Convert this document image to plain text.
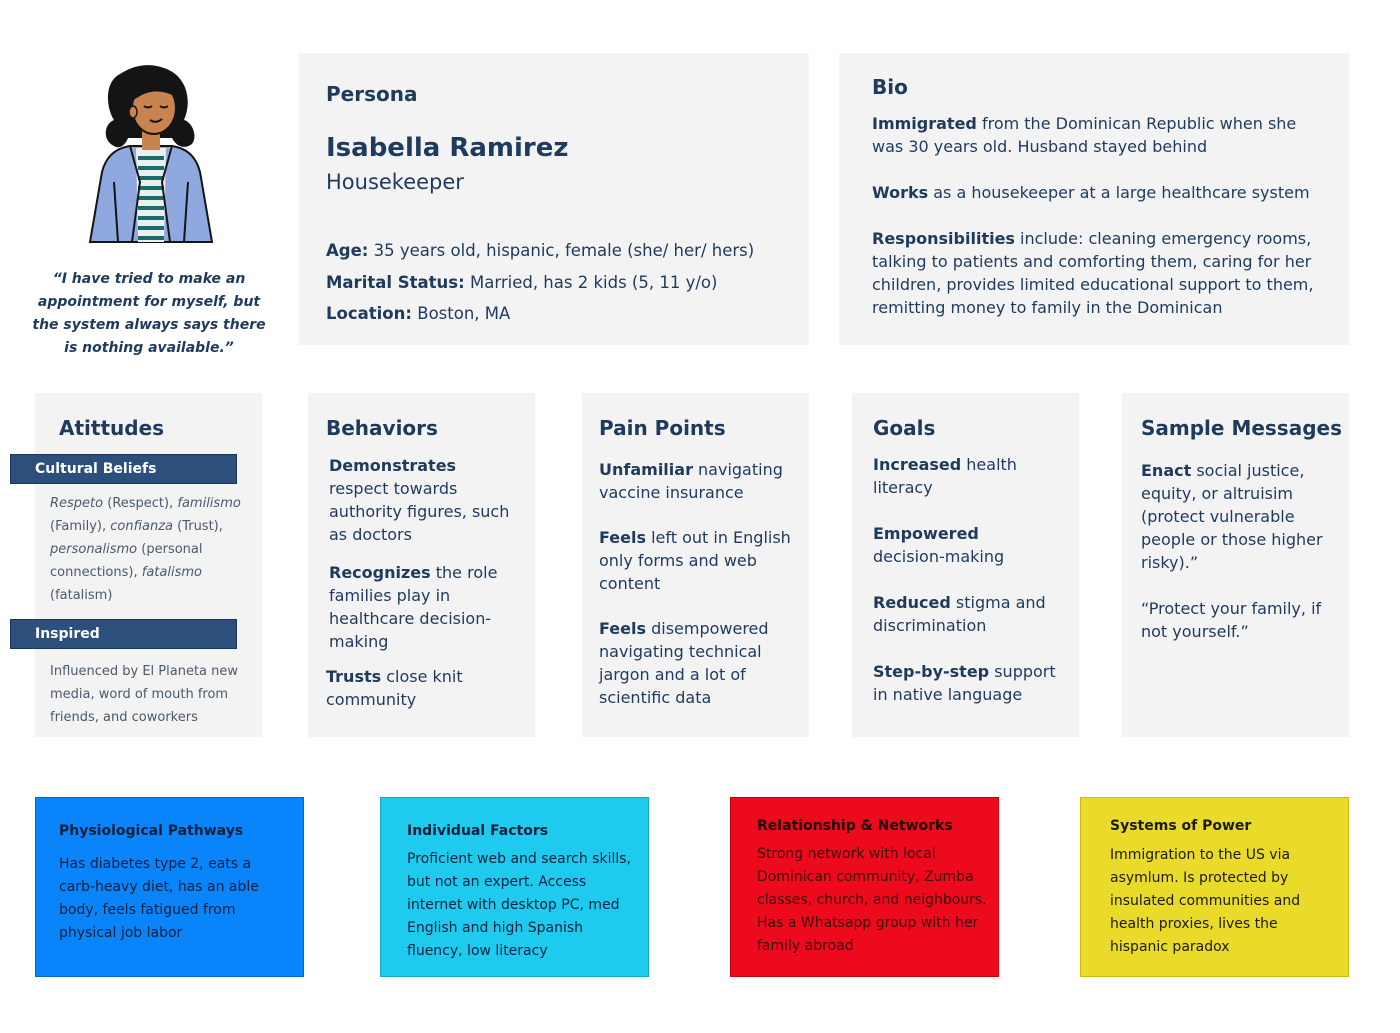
“I have tried to make an appointment for myself, but the system always says there is nothing available.”
Persona
Isabella Ramirez
Housekeeper
Age: 35 years old, hispanic, female (she/ her/ hers)
Marital Status: Married, has 2 kids (5, 11 y/o)
Location: Boston, MA
Bio
Immigrated from the Dominican Republic when she was 30 years old. Husband stayed behind
Works as a housekeeper at a large healthcare system
Responsibilities include: cleaning emergency rooms, talking to patients and comforting them, caring for her children, provides limited educational support to them, remitting money to family in the Dominican
Atittudes
Respeto (Respect), familismo (Family), confianza (Trust), personalismo (personal connections), fatalismo (fatalism)
Influenced by El Planeta new media, word of mouth from friends, and coworkers
Cultural Beliefs
Inspired
Behaviors
Demonstrates respect towards authority figures, such as doctors
Recognizes the role families play in healthcare decision-making
Trusts close knit community
Pain Points
Unfamiliar navigating vaccine insurance
Feels left out in English only forms and web content
Feels disempowered navigating technical jargon and a lot of scientific data
Goals
Increased health literacy
Empowered decision-making
Reduced stigma and discrimination
Step-by-step support in native language
Sample Messages
Enact social justice, equity, or altruisim (protect vulnerable people or those higher risky).”
“Protect your family, if not yourself.”
Physiological Pathways
Has diabetes type 2, eats a carb-heavy diet, has an able body, feels fatigued from physical job labor
Individual Factors
Proficient web and search skills, but not an expert. Access internet with desktop PC, med English and high Spanish fluency, low literacy
Relationship & Networks
Strong network with local Dominican community, Zumba classes, church, and neighbours. Has a Whatsapp group with her family abroad
Systems of Power
Immigration to the US via asymlum. Is protected by insulated communities and health proxies, lives the hispanic paradox
